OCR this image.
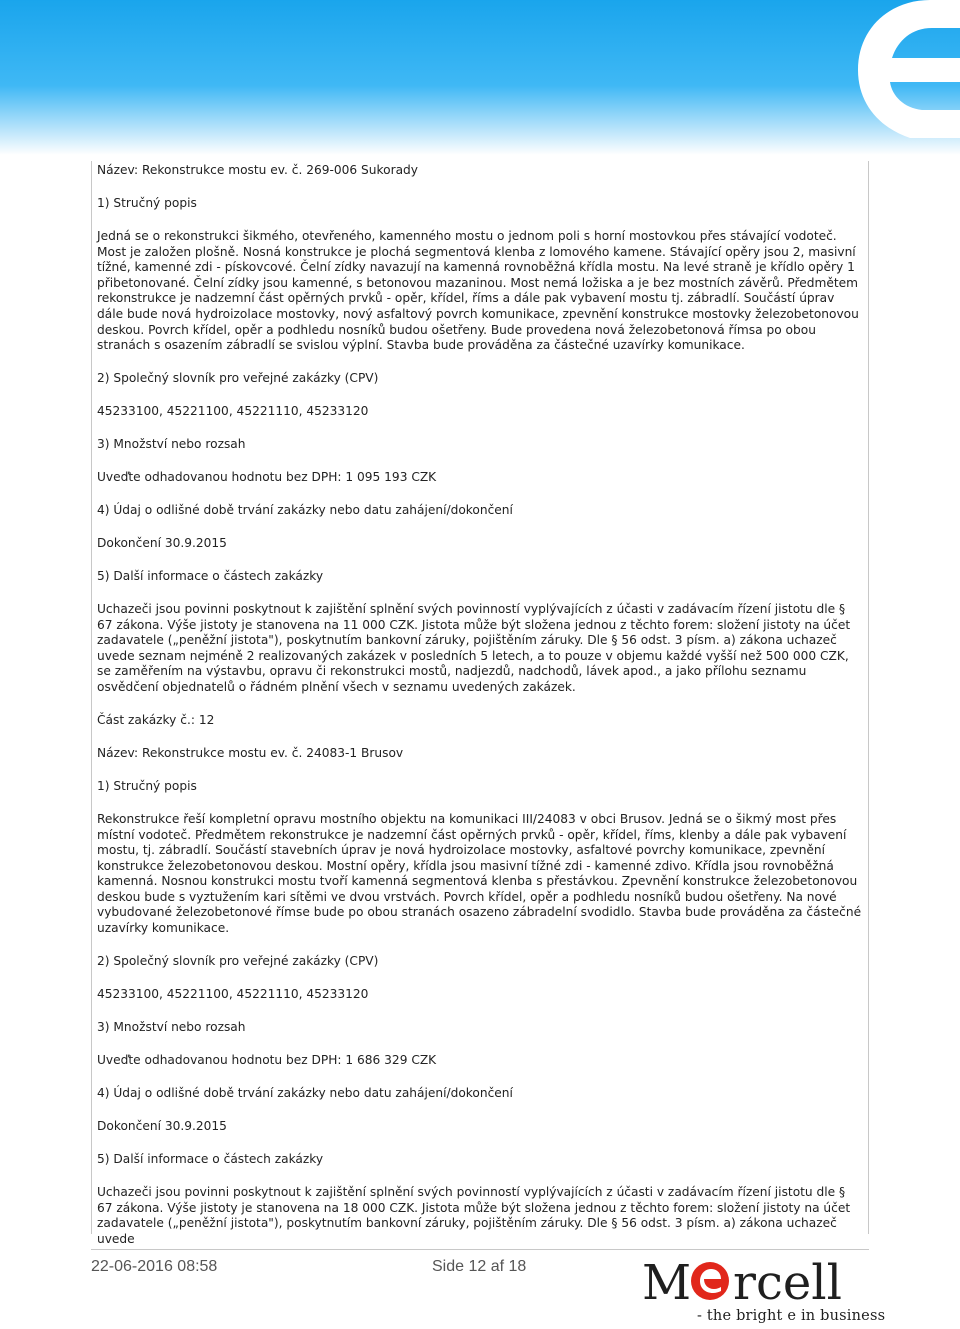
Název: Rekonstrukce mostu ev. č. 269-006 Sukorady

1) Stručný popis

Jedná se o rekonstrukci šikmého, otevřeného, kamenného mostu o jednom poli s horní mostovkou přes stávající vodoteč. Most je založen plošně. Nosná konstrukce je plochá segmentová klenba z lomového kamene. Stávající opěry jsou 2, masivní tížné, kamenné zdi - pískovcové. Čelní zídky navazují na kamenná rovnoběžná křídla mostu. Na levé straně je křídlo opěry 1 přibetonované. Čelní zídky jsou kamenné, s betonovou mazaninou. Most nemá ložiska a je bez mostních závěrů. Předmětem rekonstrukce je nadzemní část opěrných prvků - opěr, křídel, říms a dále pak vybavení mostu tj. zábradlí. Součástí úprav dále bude nová hydroizolace mostovky, nový asfaltový povrch komunikace, zpevnění konstrukce mostovky železobetonovou deskou. Povrch křídel, opěr a podhledu nosníků budou ošetřeny. Bude provedena nová železobetonová římsa po obou stranách s osazením zábradlí se svislou výplní. Stavba bude prováděna za částečné uzavírky komunikace.

2) Společný slovník pro veřejné zakázky (CPV)

45233100, 45221100, 45221110, 45233120

3) Množství nebo rozsah

Uveďte odhadovanou hodnotu bez DPH: 1 095 193 CZK

4) Údaj o odlišné době trvání zakázky nebo datu zahájení/dokončení

Dokončení 30.9.2015

5) Další informace o částech zakázky

Uchazeči jsou povinni poskytnout k zajištění splnění svých povinností vyplývajících z účasti v zadávacím řízení jistotu dle § 67 zákona. Výše jistoty je stanovena na 11 000 CZK. Jistota může být složena jednou z těchto forem: složení jistoty na účet zadavatele („peněžní jistota"), poskytnutím bankovní záruky, pojištěním záruky. Dle § 56 odst. 3 písm. a) zákona uchazeč uvede seznam nejméně 2 realizovaných zakázek v posledních 5 letech, a to pouze v objemu každé vyšší než 500 000 CZK, se zaměřením na výstavbu, opravu či rekonstrukci mostů, nadjezdů, nadchodů, lávek apod., a jako přílohu seznamu osvědčení objednatelů o řádném plnění všech v seznamu uvedených zakázek.

Část zakázky č.: 12

Název: Rekonstrukce mostu ev. č. 24083-1 Brusov

1) Stručný popis

Rekonstrukce řeší kompletní opravu mostního objektu na komunikaci III/24083 v obci Brusov. Jedná se o šikmý most přes místní vodoteč. Předmětem rekonstrukce je nadzemní část opěrných prvků - opěr, křídel, říms, klenby a dále pak vybavení mostu, tj. zábradlí. Součástí stavebních úprav je nová hydroizolace mostovky, asfaltové povrchy komunikace, zpevnění konstrukce železobetonovou deskou. Mostní opěry, křídla jsou masivní tížné zdi - kamenné zdivo. Křídla jsou rovnoběžná kamenná. Nosnou konstrukci mostu tvoří kamenná segmentová klenba s přestávkou. Zpevnění konstrukce železobetonovou deskou bude s vyztužením kari sítěmi ve dvou vrstvách. Povrch křídel, opěr a podhledu nosníků budou ošetřeny. Na nové vybudované železobetonové římse bude po obou stranách osazeno zábradelní svodidlo. Stavba bude prováděna za částečné uzavírky komunikace.

2) Společný slovník pro veřejné zakázky (CPV)

45233100, 45221100, 45221110, 45233120

3) Množství nebo rozsah

Uveďte odhadovanou hodnotu bez DPH: 1 686 329 CZK

4) Údaj o odlišné době trvání zakázky nebo datu zahájení/dokončení

Dokončení 30.9.2015

5) Další informace o částech zakázky

Uchazeči jsou povinni poskytnout k zajištění splnění svých povinností vyplývajících z účasti v zadávacím řízení jistotu dle § 67 zákona. Výše jistoty je stanovena na 18 000 CZK. Jistota může být složena jednou z těchto forem: složení jistoty na účet zadavatele („peněžní jistota"), poskytnutím bankovní záruky, pojištěním záruky. Dle § 56 odst. 3 písm. a) zákona uchazeč uvede

22-06-2016 08:58	Side 12 af 18 M rcell
- the bright e in business
